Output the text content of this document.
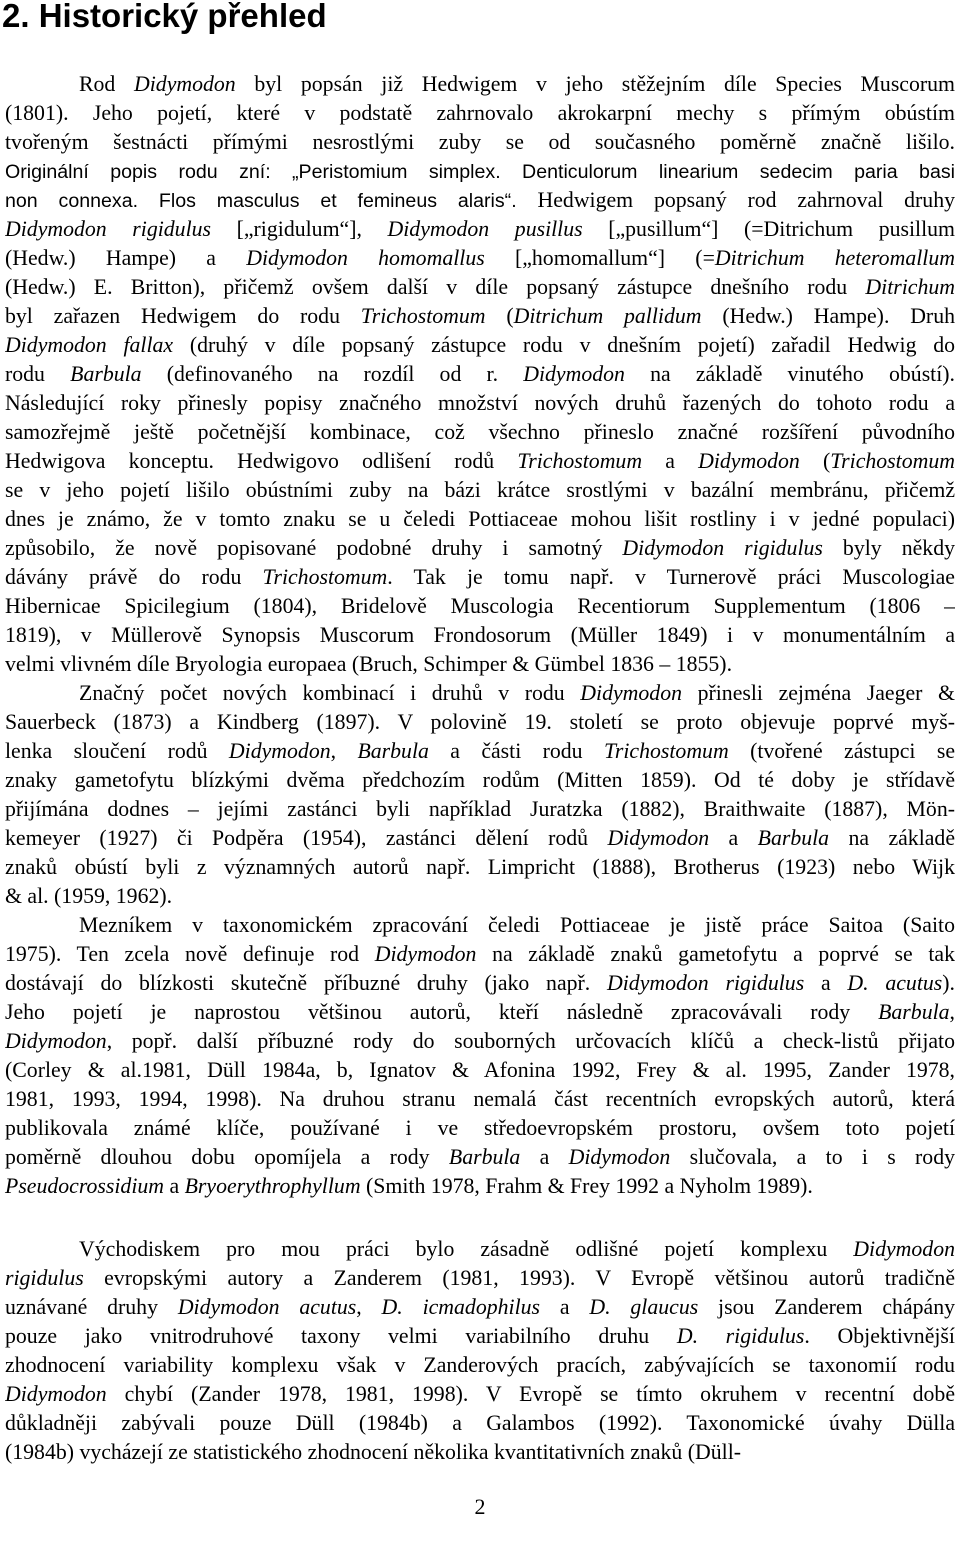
2. Historický přehled
Rod Didymodon byl popsán již Hedwigem v jeho stěžejním díle Species Muscorum
(1801). Jeho pojetí, které v podstatě zahrnovalo akrokarpní mechy s přímým obústím
tvořeným šestnácti přímými nesrostlými zuby se od současného poměrně značně lišilo.
Originální popis rodu zní: „Peristomium simplex. Denticulorum linearium sedecim paria basi
non connexa. Flos masculus et femineus alaris“. Hedwigem popsaný rod zahrnoval druhy
Didymodon rigidulus [„rigidulum“], Didymodon pusillus [„pusillum“] (=Ditrichum pusillum
(Hedw.) Hampe) a Didymodon homomallus [„homomallum“] (=Ditrichum heteromallum
(Hedw.) E. Britton), přičemž ovšem další v díle popsaný zástupce dnešního rodu Ditrichum
byl zařazen Hedwigem do rodu Trichostomum (Ditrichum pallidum (Hedw.) Hampe). Druh
Didymodon fallax (druhý v díle popsaný zástupce rodu v dnešním pojetí) zařadil Hedwig do
rodu Barbula (definovaného na rozdíl od r. Didymodon na základě vinutého obústí).
Následující roky přinesly popisy značného množství nových druhů řazených do tohoto rodu a
samozřejmě ještě početnější kombinace, což všechno přineslo značné rozšíření původního
Hedwigova konceptu. Hedwigovo odlišení rodů Trichostomum a Didymodon (Trichostomum
se v jeho pojetí lišilo obústními zuby na bázi krátce srostlými v bazální membránu, přičemž
dnes je známo, že v tomto znaku se u čeledi Pottiaceae mohou lišit rostliny i v jedné populaci)
způsobilo, že nově popisované podobné druhy i samotný Didymodon rigidulus byly někdy
dávány právě do rodu Trichostomum. Tak je tomu např. v Turnerově práci Muscologiae
Hibernicae Spicilegium (1804), Bridelově Muscologia Recentiorum Supplementum (1806 –
1819), v Müllerově Synopsis Muscorum Frondosorum (Müller 1849) i v monumentálním a
velmi vlivném díle Bryologia europaea (Bruch, Schimper & Gümbel 1836 – 1855).
Značný počet nových kombinací i druhů v rodu Didymodon přinesli zejména Jaeger &
Sauerbeck (1873) a Kindberg (1897). V polovině 19. století se proto objevuje poprvé myš-
lenka sloučení rodů Didymodon, Barbula a části rodu Trichostomum (tvořené zástupci se
znaky gametofytu blízkými dvěma předchozím rodům (Mitten 1859). Od té doby je střídavě
přijímána dodnes – jejími zastánci byli například Juratzka (1882), Braithwaite (1887), Mön-
kemeyer (1927) či Podpěra (1954), zastánci dělení rodů Didymodon a Barbula na základě
znaků obústí byli z významných autorů např. Limpricht (1888), Brotherus (1923) nebo Wijk
& al. (1959, 1962).
Mezníkem v taxonomickém zpracování čeledi Pottiaceae je jistě práce Saitoa (Saito
1975). Ten zcela nově definuje rod Didymodon na základě znaků gametofytu a poprvé se tak
dostávají do blízkosti skutečně příbuzné druhy (jako např. Didymodon rigidulus a D. acutus).
Jeho pojetí je naprostou většinou autorů, kteří následně zpracovávali rody Barbula,
Didymodon, popř. další příbuzné rody do souborných určovacích klíčů a check-listů přijato
(Corley & al.1981, Düll 1984a, b, Ignatov & Afonina 1992, Frey & al. 1995, Zander 1978,
1981, 1993, 1994, 1998). Na druhou stranu nemalá část recentních evropských autorů, která
publikovala známé klíče, používané i ve středoevropském prostoru, ovšem toto pojetí
poměrně dlouhou dobu opomíjela a rody Barbula a Didymodon slučovala, a to i s rody
Pseudocrossidium a Bryoerythrophyllum (Smith 1978, Frahm & Frey 1992 a Nyholm 1989).
Východiskem pro mou práci bylo zásadně odlišné pojetí komplexu Didymodon
rigidulus evropskými autory a Zanderem (1981, 1993). V Evropě většinou autorů tradičně
uznávané druhy Didymodon acutus, D. icmadophilus a D. glaucus jsou Zanderem chápány
pouze jako vnitrodruhové taxony velmi variabilního druhu D. rigidulus. Objektivnější
zhodnocení variability komplexu však v Zanderových pracích, zabývajících se taxonomií rodu
Didymodon chybí (Zander 1978, 1981, 1998). V Evropě se tímto okruhem v recentní době
důkladněji zabývali pouze Düll (1984b) a Galambos (1992). Taxonomické úvahy Dülla
(1984b) vycházejí ze statistického zhodnocení několika kvantitativních znaků (Düll-
2
